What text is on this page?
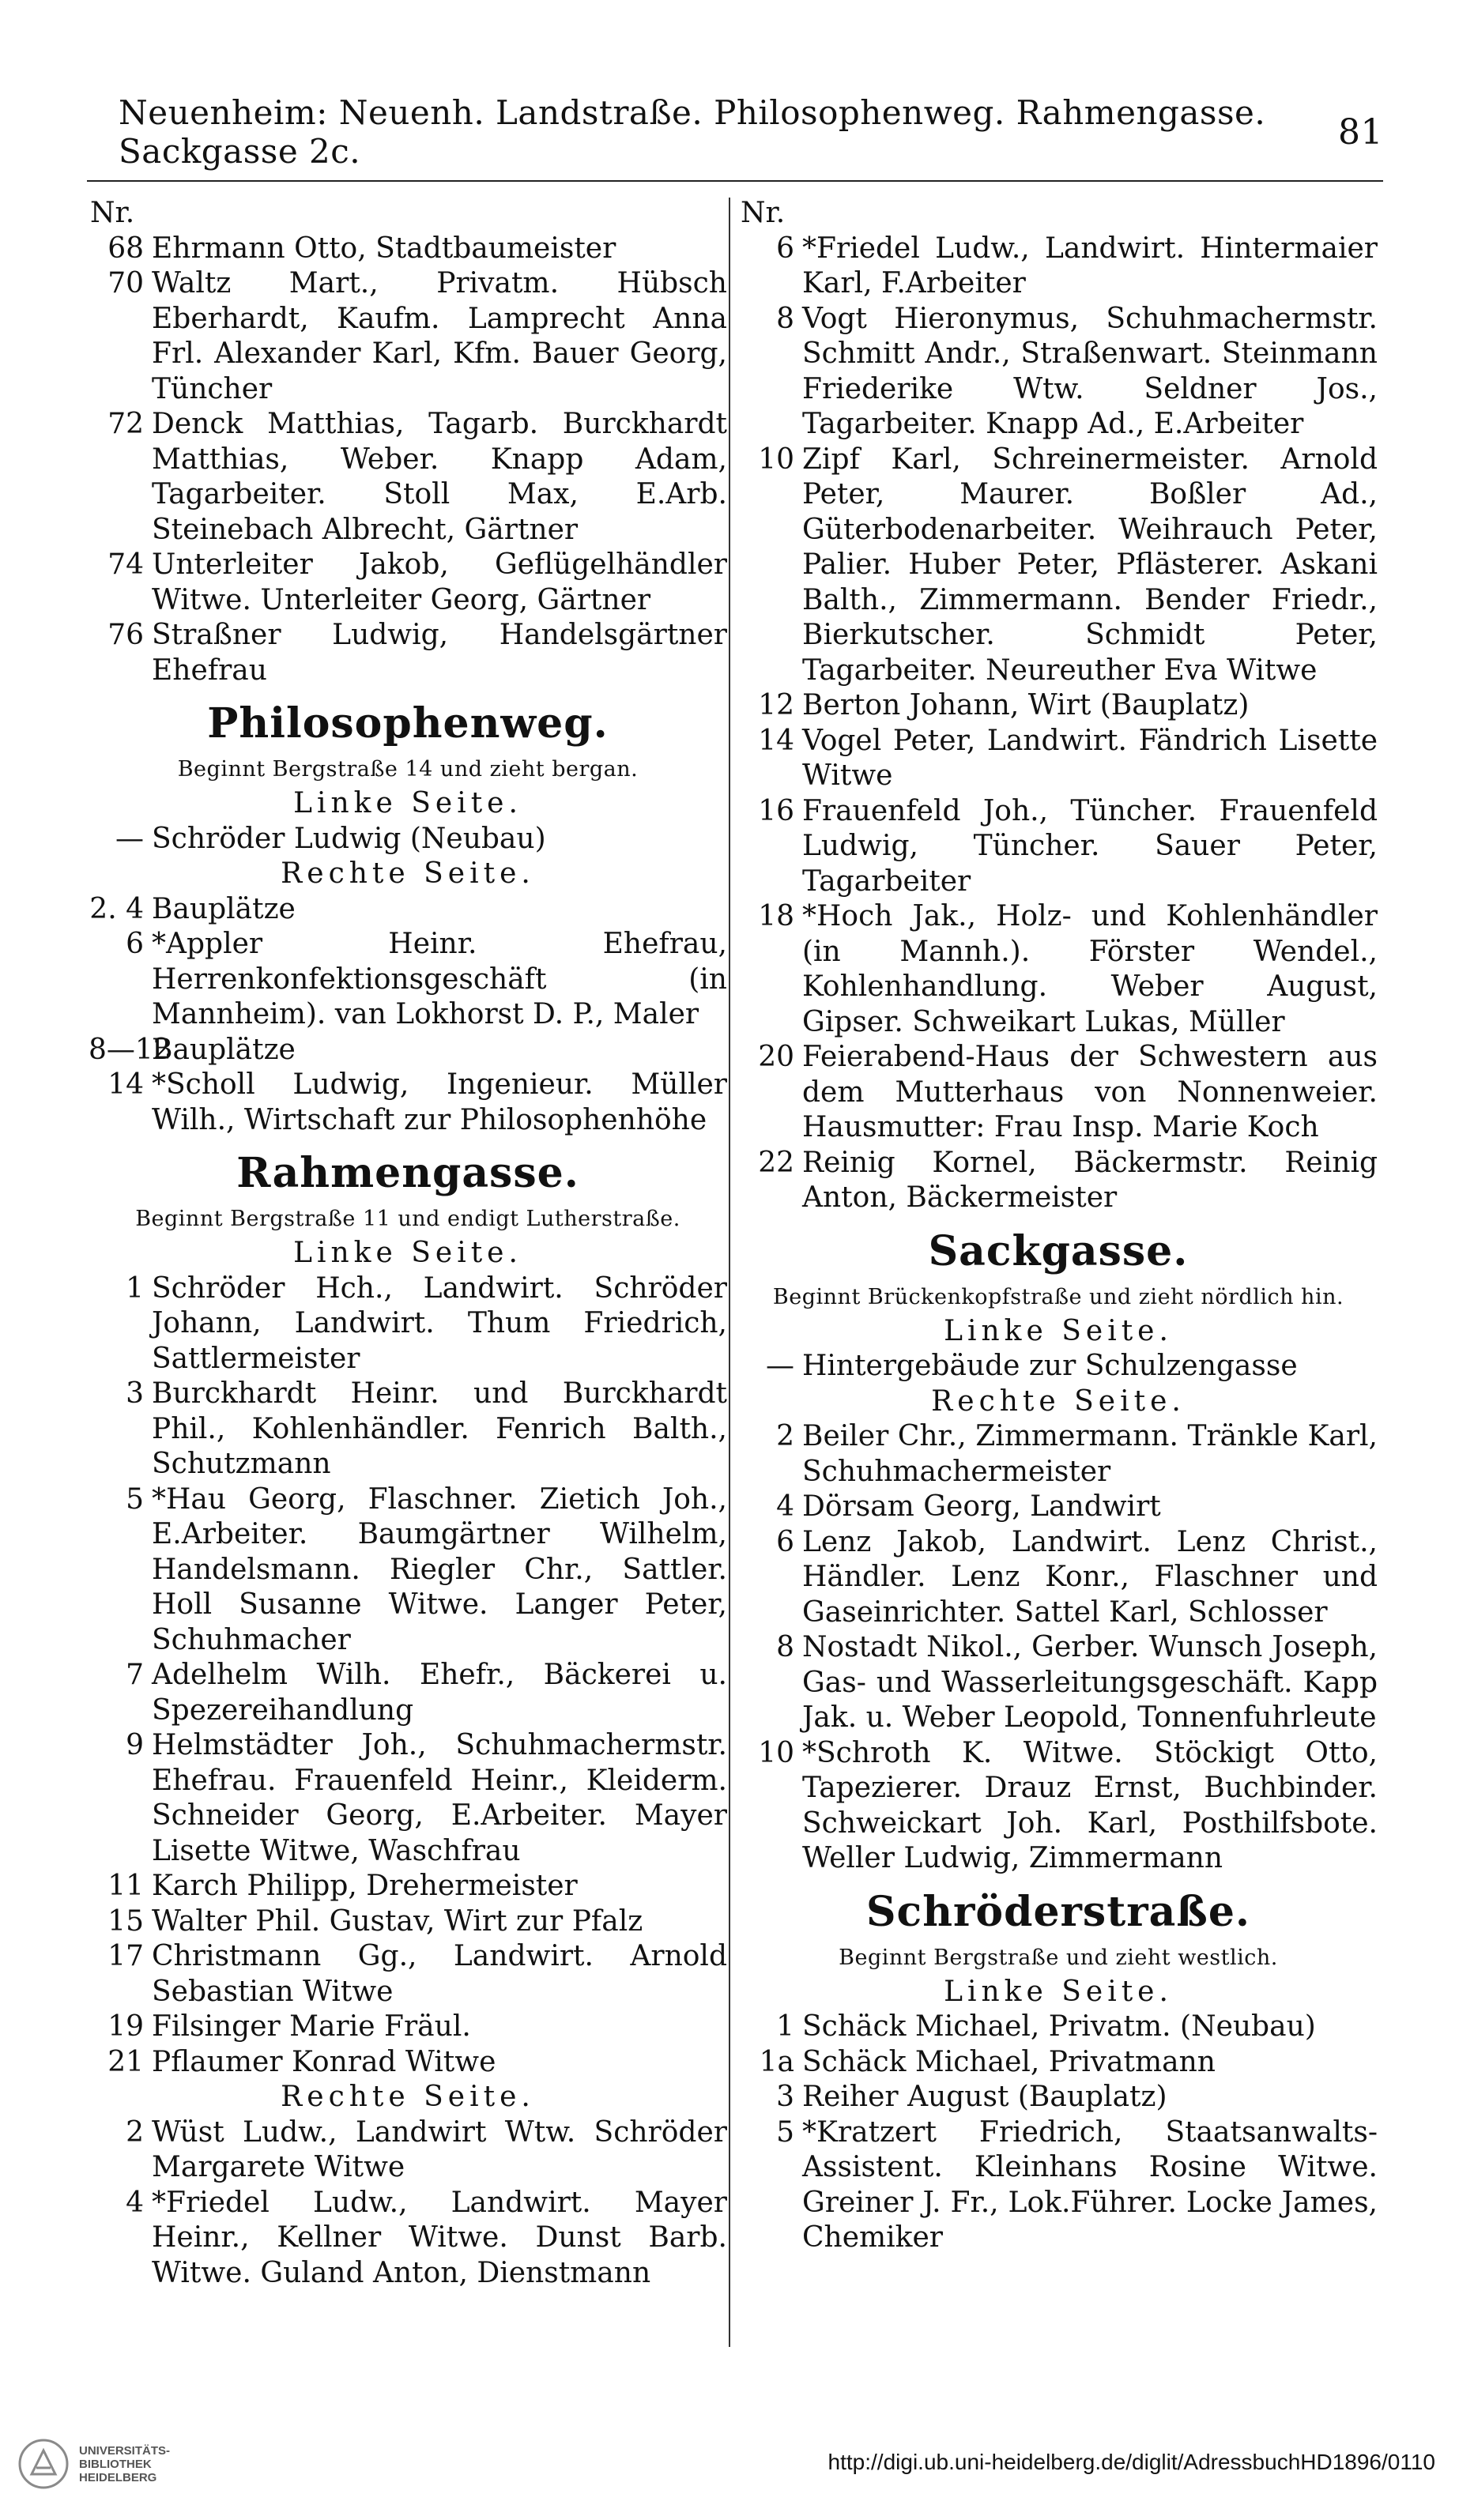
Neuenheim: Neuenh. Landstraße. Philosophenweg. Rahmengasse. Sackgasse 2c.	81
Nr.
68 Ehrmann Otto, Stadtbaumeister
70 Waltz Mart., Privatm. Hübsch Eberhardt, Kaufm. Lamprecht Anna Frl. Alexander Karl, Kfm. Bauer Georg, Tüncher
72 Denck Matthias, Tagarb. Burckhardt Matthias, Weber. Knapp Adam, Tagarbeiter. Stoll Max, E.Arb. Steinebach Albrecht, Gärtner
74 Unterleiter Jakob, Geflügelhändler Witwe. Unterleiter Georg, Gärtner
76 Straßner Ludwig, Handelsgärtner Ehefrau
Philosophenweg.
Beginnt Bergstraße 14 und zieht bergan.
Linke Seite.
— Schröder Ludwig (Neubau)
Rechte Seite.
2. 4 Bauplätze
6 *Appler Heinr. Ehefrau, Herrenkonfektionsgeschäft (in Mannheim). van Lokhorst D. P., Maler
8—12
Bauplätze
14 *Scholl Ludwig, Ingenieur. Müller Wilh., Wirtschaft zur Philosophenhöhe
Rahmengasse.
Beginnt Bergstraße 11 und endigt Lutherstraße.
Linke Seite.
1 Schröder Hch., Landwirt. Schröder Johann, Landwirt. Thum Friedrich, Sattlermeister
3 Burckhardt Heinr. und Burckhardt Phil., Kohlenhändler. Fenrich Balth., Schutzmann
5 *Hau Georg, Flaschner. Zietich Joh., E.Arbeiter. Baumgärtner Wilhelm, Handelsmann. Riegler Chr., Sattler. Holl Susanne Witwe. Langer Peter, Schuhmacher
7 Adelhelm Wilh. Ehefr., Bäckerei u. Spezereihandlung
9 Helmstädter Joh., Schuhmachermstr. Ehefrau. Frauenfeld Heinr., Kleiderm. Schneider Georg, E.Arbeiter. Mayer Lisette Witwe, Waschfrau
11 Karch Philipp, Drehermeister
15 Walter Phil. Gustav, Wirt zur Pfalz
17 Christmann Gg., Landwirt. Arnold Sebastian Witwe
19 Filsinger Marie Fräul.
21 Pflaumer Konrad Witwe
Rechte Seite.
2 Wüst Ludw., Landwirt Wtw. Schröder Margarete Witwe
4 *Friedel Ludw., Landwirt. Mayer Heinr., Kellner Witwe. Dunst Barb. Witwe. Guland Anton, Dienstmann
Nr.
6 *Friedel Ludw., Landwirt. Hintermaier Karl, F.Arbeiter
8 Vogt Hieronymus, Schuhmachermstr. Schmitt Andr., Straßenwart. Steinmann Friederike Wtw. Seldner Jos., Tagarbeiter. Knapp Ad., E.Arbeiter
10 Zipf Karl, Schreinermeister. Arnold Peter, Maurer. Boßler Ad., Güterbodenarbeiter. Weihrauch Peter, Palier. Huber Peter, Pflästerer. Askani Balth., Zimmermann. Bender Friedr., Bierkutscher. Schmidt Peter, Tagarbeiter. Neureuther Eva Witwe
12 Berton Johann, Wirt (Bauplatz)
14 Vogel Peter, Landwirt. Fändrich Lisette Witwe
16 Frauenfeld Joh., Tüncher. Frauenfeld Ludwig, Tüncher. Sauer Peter, Tagarbeiter
18 *Hoch Jak., Holz- und Kohlenhändler (in Mannh.). Förster Wendel., Kohlenhandlung. Weber August, Gipser. Schweikart Lukas, Müller
20 Feierabend-Haus der Schwestern aus dem Mutterhaus von Nonnenweier. Hausmutter: Frau Insp. Marie Koch
22 Reinig Kornel, Bäckermstr. Reinig Anton, Bäckermeister
Sackgasse.
Beginnt Brückenkopfstraße und zieht nördlich hin.
Linke Seite.
— Hintergebäude zur Schulzengasse
Rechte Seite.
2 Beiler Chr., Zimmermann. Tränkle Karl, Schuhmachermeister
4 Dörsam Georg, Landwirt
6 Lenz Jakob, Landwirt. Lenz Christ., Händler. Lenz Konr., Flaschner und Gaseinrichter. Sattel Karl, Schlosser
8 Nostadt Nikol., Gerber. Wunsch Joseph, Gas- und Wasserleitungsgeschäft. Kapp Jak. u. Weber Leopold, Tonnenfuhrleute
10 *Schroth K. Witwe. Stöckigt Otto, Tapezierer. Drauz Ernst, Buchbinder. Schweickart Joh. Karl, Posthilfsbote. Weller Ludwig, Zimmermann
Schröderstraße.
Beginnt Bergstraße und zieht westlich.
Linke Seite.
1 Schäck Michael, Privatm. (Neubau)
1a Schäck Michael, Privatmann
3 Reiher August (Bauplatz)
5 *Kratzert Friedrich, Staatsanwalts-Assistent. Kleinhans Rosine Witwe. Greiner J. Fr., Lok.Führer. Locke James, Chemiker
UNIVERSITÄTS-
BIBLIOTHEK
HEIDELBERG
http://digi.ub.uni-heidelberg.de/diglit/AdressbuchHD1896/0110
